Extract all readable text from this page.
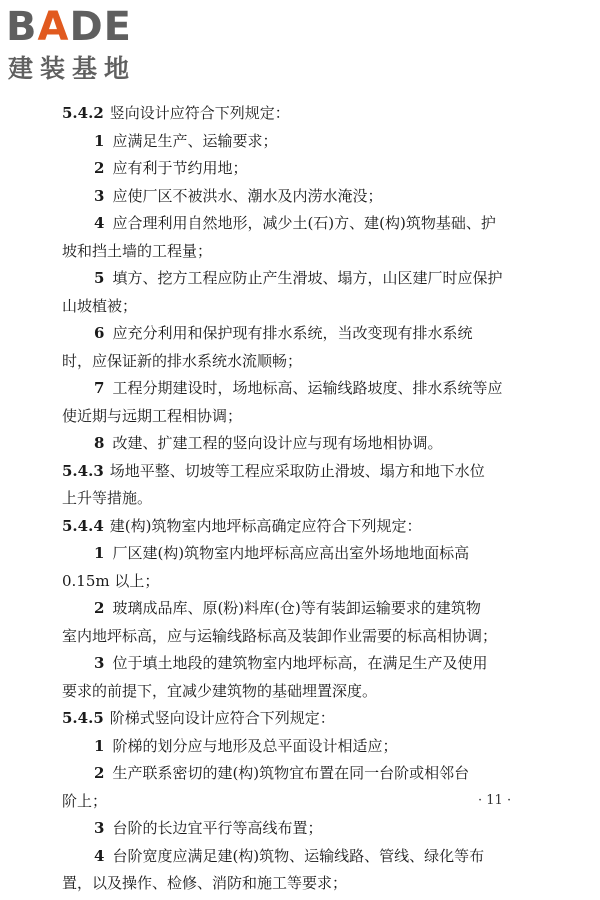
BADE
建装基地
5.4.2 竖向设计应符合下列规定：
1 应满足生产、运输要求；
2 应有利于节约用地；
3 应使厂区不被洪水、潮水及内涝水淹没；
4 应合理利用自然地形，减少土(石)方、建(构)筑物基础、护
坡和挡土墙的工程量；
5 填方、挖方工程应防止产生滑坡、塌方，山区建厂时应保护
山坡植被；
6 应充分利用和保护现有排水系统，当改变现有排水系统
时，应保证新的排水系统水流顺畅；
7 工程分期建设时，场地标高、运输线路坡度、排水系统等应
使近期与远期工程相协调；
8 改建、扩建工程的竖向设计应与现有场地相协调。
5.4.3 场地平整、切坡等工程应采取防止滑坡、塌方和地下水位
上升等措施。
5.4.4 建(构)筑物室内地坪标高确定应符合下列规定：
1 厂区建(构)筑物室内地坪标高应高出室外场地地面标高
0.15m 以上；
2 玻璃成品库、原(粉)料库(仓)等有装卸运输要求的建筑物
室内地坪标高，应与运输线路标高及装卸作业需要的标高相协调；
3 位于填土地段的建筑物室内地坪标高，在满足生产及使用
要求的前提下，宜减少建筑物的基础埋置深度。
5.4.5 阶梯式竖向设计应符合下列规定：
1 阶梯的划分应与地形及总平面设计相适应；
2 生产联系密切的建(构)筑物宜布置在同一台阶或相邻台
阶上；
3 台阶的长边宜平行等高线布置；
4 台阶宽度应满足建(构)筑物、运输线路、管线、绿化等布
置，以及操作、检修、消防和施工等要求；
· 11 ·
